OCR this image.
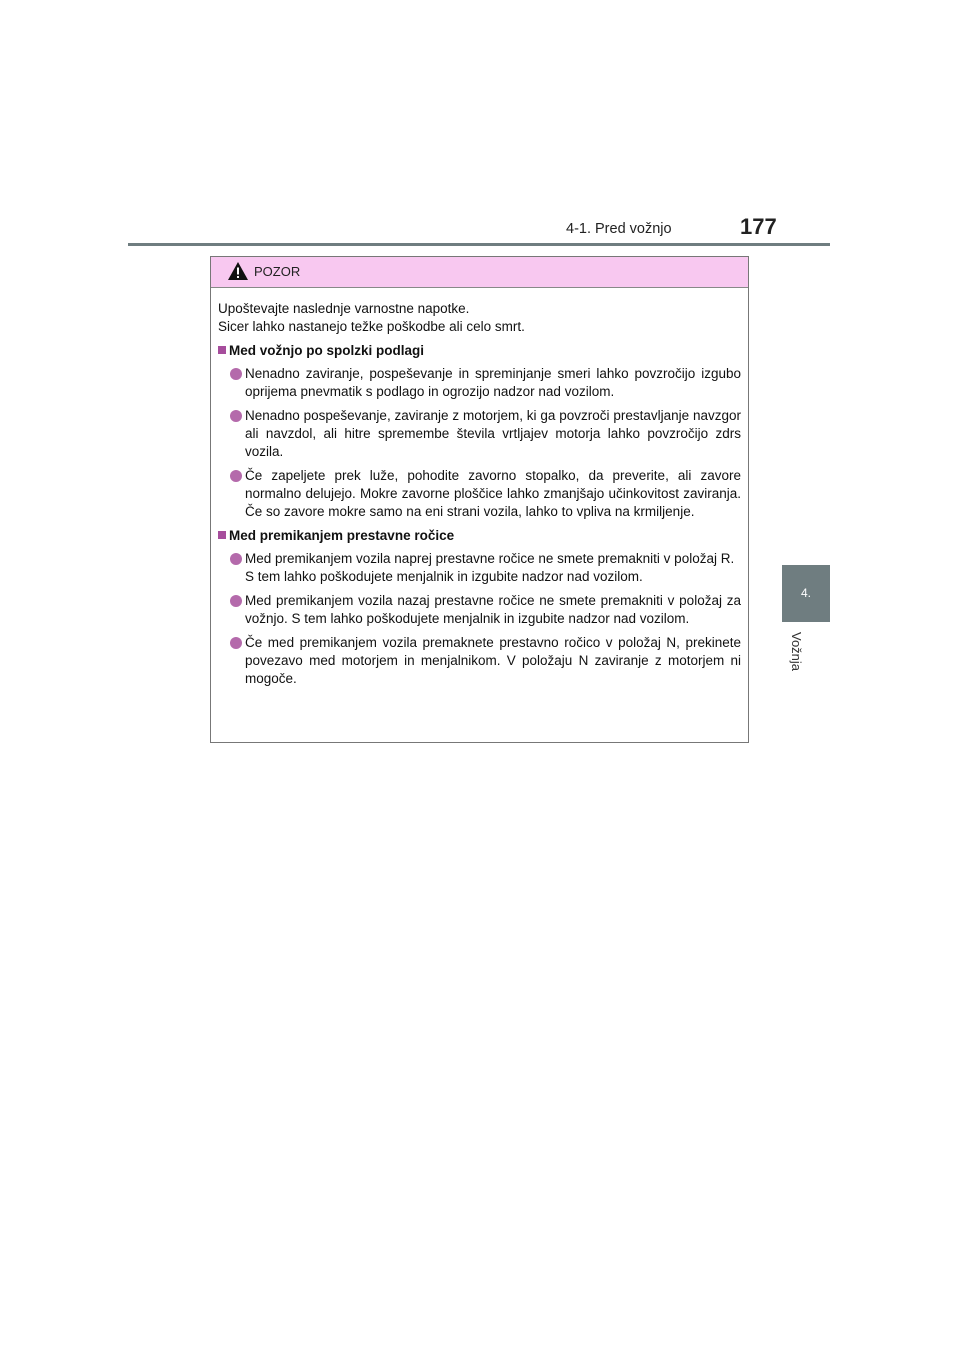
4-1. Pred vožnjo	177
4.
Vožnja
POZOR
Upoštevajte naslednje varnostne napotke.
Sicer lahko nastanejo težke poškodbe ali celo smrt.
Med vožnjo po spolzki podlagi
Nenadno zaviranje, pospeševanje in spreminjanje smeri lahko povzročijo izgubo oprijema pnevmatik s podlago in ogrozijo nadzor nad vozilom.
Nenadno pospeševanje, zaviranje z motorjem, ki ga povzroči prestavljanje navzgor ali navzdol, ali hitre spremembe števila vrtljajev motorja lahko povzročijo zdrs vozila.
Če zapeljete prek luže, pohodite zavorno stopalko, da preverite, ali zavore normalno delujejo. Mokre zavorne ploščice lahko zmanjšajo učinkovitost zaviranja. Če so zavore mokre samo na eni strani vozila, lahko to vpliva na krmiljenje.
Med premikanjem prestavne ročice
Med premikanjem vozila naprej prestavne ročice ne smete premakniti v položaj R.
S tem lahko poškodujete menjalnik in izgubite nadzor nad vozilom.
Med premikanjem vozila nazaj prestavne ročice ne smete premakniti v položaj za vožnjo. S tem lahko poškodujete menjalnik in izgubite nadzor nad vozilom.
Če med premikanjem vozila premaknete prestavno ročico v položaj N, prekinete povezavo med motorjem in menjalnikom. V položaju N zaviranje z motorjem ni mogoče.
